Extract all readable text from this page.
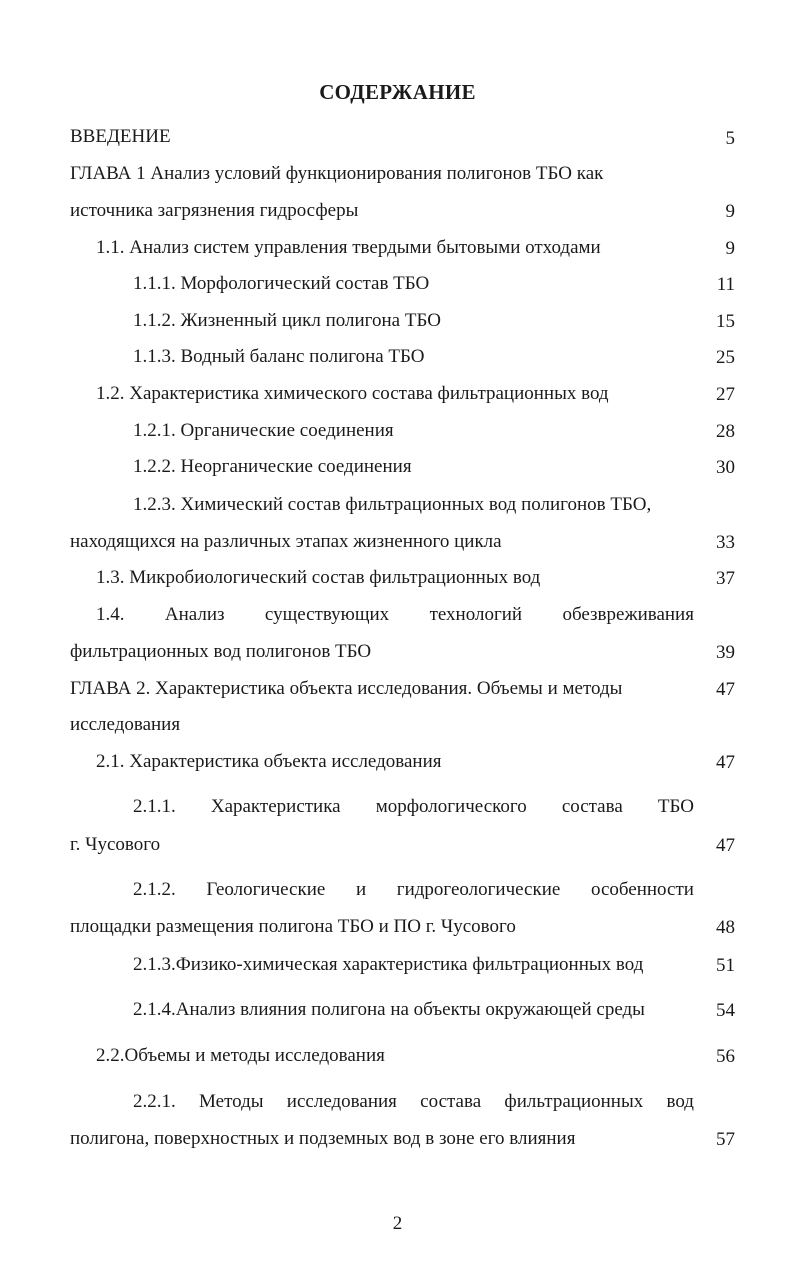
СОДЕРЖАНИЕ
ВВЕДЕНИЕ	5
ГЛАВА 1 Анализ условий функционирования полигонов ТБО как
источника загрязнения гидросферы	9
1.1. Анализ систем управления твердыми бытовыми отходами	9
1.1.1. Морфологический состав ТБО	11
1.1.2. Жизненный цикл полигона ТБО	15
1.1.3. Водный баланс полигона ТБО	25
1.2. Характеристика химического состава фильтрационных вод	27
1.2.1. Органические соединения	28
1.2.2. Неорганические соединения	30
1.2.3. Химический состав фильтрационных вод полигонов ТБО,
находящихся на различных этапах жизненного цикла	33
1.3. Микробиологический состав фильтрационных вод	37
1.4. Анализ существующих технологий обезвреживания
фильтрационных вод полигонов ТБО	39
ГЛАВА 2. Характеристика объекта исследования. Объемы и методы	47
исследования
2.1. Характеристика объекта исследования	47
2.1.1. Характеристика морфологического состава ТБО
г. Чусового	47
2.1.2. Геологические и гидрогеологические особенности
площадки размещения полигона ТБО и ПО г. Чусового	48
2.1.3.Физико-химическая характеристика фильтрационных вод	51
2.1.4.Анализ влияния полигона на объекты окружающей среды	54
2.2.Объемы и методы исследования	56
2.2.1. Методы исследования состава фильтрационных вод
полигона, поверхностных и подземных вод в зоне его влияния	57
2
